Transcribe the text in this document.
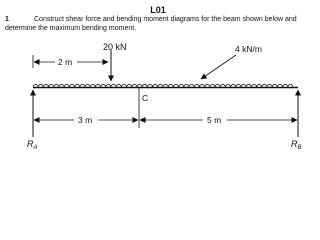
L01
1	Construct shear force and bending moment diagrams for the beam shown below and determine the maximum bending moment.
20 kN	4 kN/m
2 m
C
3 m	5 m
$R_A$	$R_B$
